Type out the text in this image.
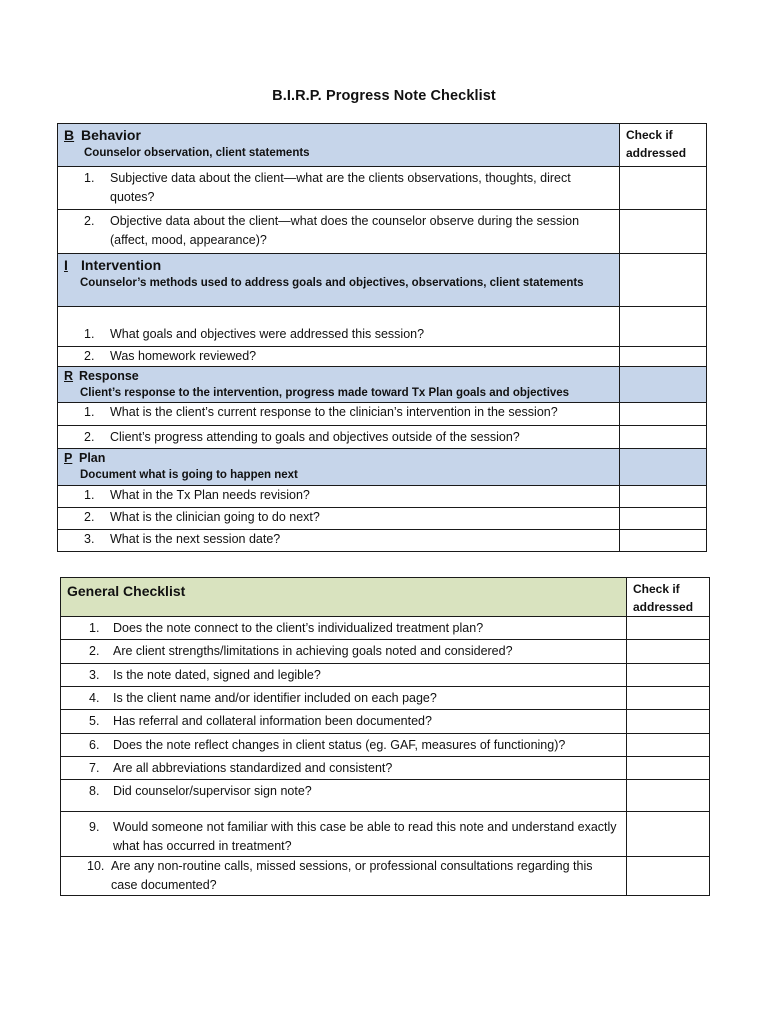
B.I.R.P. Progress Note Checklist
B Behavior
Counselor observation, client statements	Check if addressed

1. Subjective data about the client—what are the clients observations, thoughts, direct quotes?	

2. Objective data about the client—what does the counselor observe during the session (affect, mood, appearance)?	

I Intervention
Counselor’s methods used to address goals and objectives, observations, client statements	

1. What goals and objectives were addressed this session?	

2. Was homework reviewed?	

R Response
Client’s response to the intervention, progress made toward Tx Plan goals and objectives	

1. What is the client’s current response to the clinician’s intervention in the session?	

2. Client’s progress attending to goals and objectives outside of the session?	

P Plan
Document what is going to happen next	

1. What in the Tx Plan needs revision?	

2. What is the clinician going to do next?	

3. What is the next session date?	

General Checklist	Check if addressed

1. Does the note connect to the client’s individualized treatment plan?	

2. Are client strengths/limitations in achieving goals noted and considered?	

3. Is the note dated, signed and legible?	

4. Is the client name and/or identifier included on each page?	

5. Has referral and collateral information been documented?	

6. Does the note reflect changes in client status (eg. GAF, measures of functioning)?	

7. Are all abbreviations standardized and consistent?	

8. Did counselor/supervisor sign note?	

9. Would someone not familiar with this case be able to read this note and understand exactly what has occurred in treatment?	

10. Are any non-routine calls, missed sessions, or professional consultations regarding this case documented?	
